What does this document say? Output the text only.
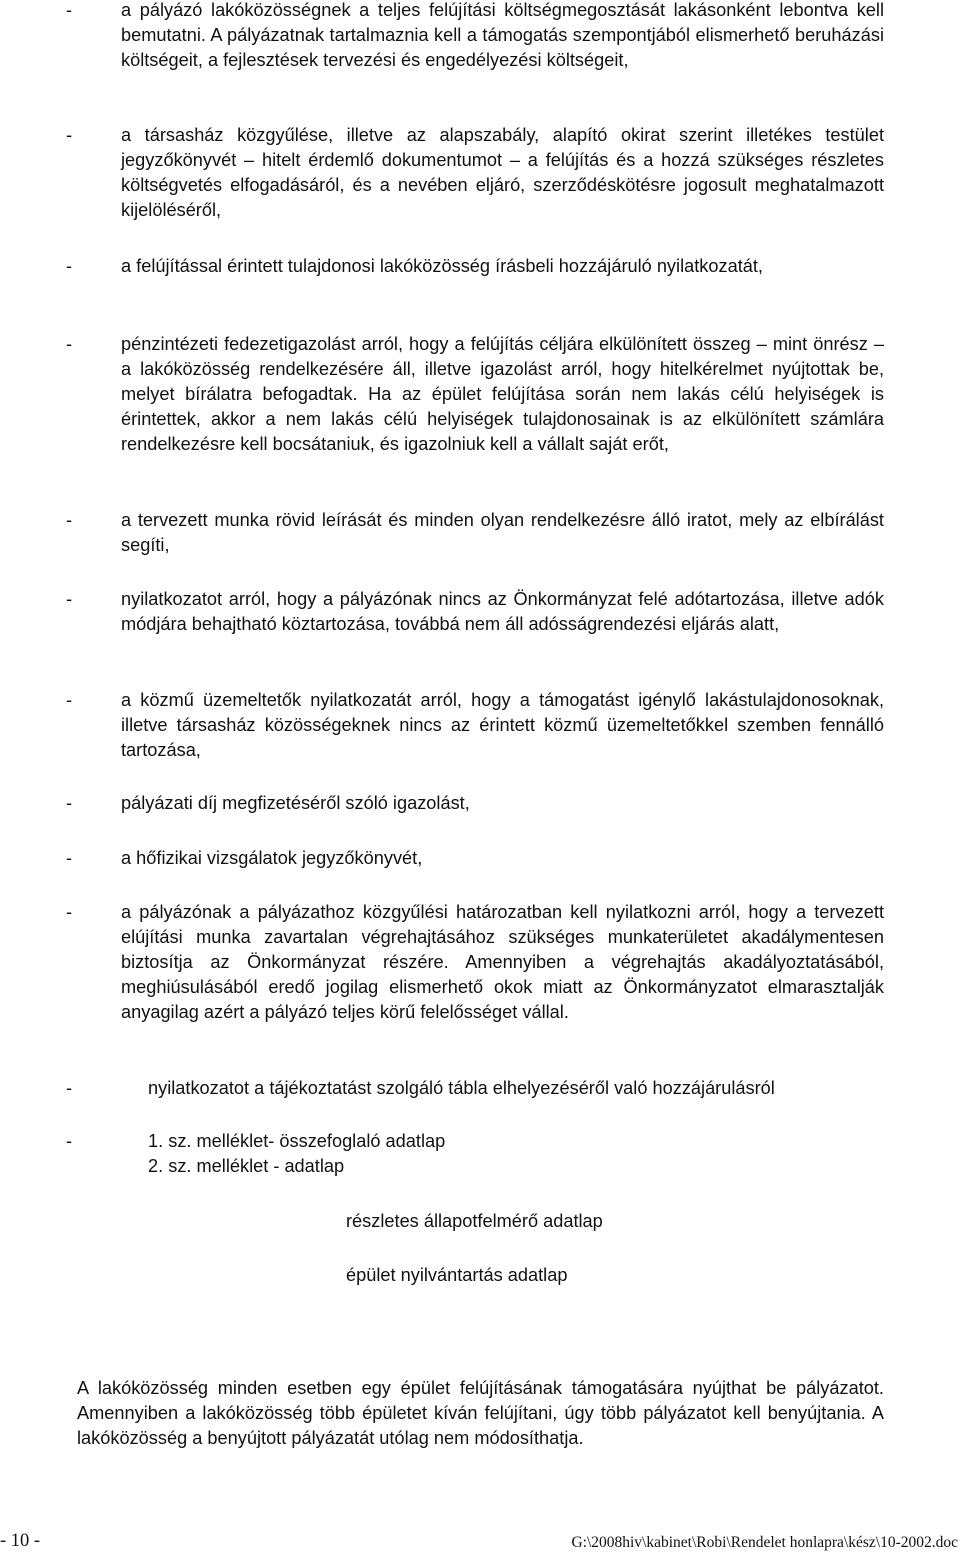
-	a pályázó lakóközösségnek a teljes felújítási költségmegosztását lakásonként lebontva kell bemutatni. A pályázatnak tartalmaznia kell a támogatás szempontjából elismerhető beruházási költségeit, a fejlesztések tervezési és engedélyezési költségeit,
-	a társasház közgyűlése, illetve az alapszabály, alapító okirat szerint illetékes testület jegyzőkönyvét – hitelt érdemlő dokumentumot – a felújítás és a hozzá szükséges részletes költségvetés elfogadásáról, és a nevében eljáró, szerződéskötésre jogosult meghatalmazott kijelöléséről,
-	a felújítással érintett tulajdonosi lakóközösség írásbeli hozzájáruló nyilatkozatát,
-	pénzintézeti fedezetigazolást arról, hogy a felújítás céljára elkülönített összeg – mint önrész – a lakóközösség rendelkezésére áll, illetve igazolást arról, hogy hitelkérelmet nyújtottak be, melyet bírálatra befogadtak. Ha az épület felújítása során nem lakás célú helyiségek is érintettek, akkor a nem lakás célú helyiségek tulajdonosainak is az elkülönített számlára rendelkezésre kell bocsátaniuk, és igazolniuk kell a vállalt saját erőt,
-	a tervezett munka rövid leírását és minden olyan rendelkezésre álló iratot, mely az elbírálást segíti,
-	nyilatkozatot arról, hogy a pályázónak nincs az Önkormányzat felé adótartozása, illetve adók módjára behajtható köztartozása, továbbá nem áll adósságrendezési eljárás alatt,
-	a közmű üzemeltetők nyilatkozatát arról, hogy a támogatást igénylő lakástulajdonosoknak, illetve társasház közösségeknek nincs az érintett közmű üzemeltetőkkel szemben fennálló tartozása,
-	pályázati díj megfizetéséről szóló igazolást,
-	a hőfizikai vizsgálatok jegyzőkönyvét,
-	a pályázónak a pályázathoz közgyűlési határozatban kell nyilatkozni arról, hogy a tervezett elújítási munka zavartalan végrehajtásához szükséges munkaterületet akadálymentesen biztosítja az Önkormányzat részére. Amennyiben a végrehajtás akadályoztatásából, meghiúsulásából eredő jogilag elismerhető okok miatt az Önkormányzatot elmarasztalják anyagilag azért a pályázó teljes körű felelősséget vállal.
-	nyilatkozatot a tájékoztatást szolgáló tábla elhelyezéséről való hozzájárulásról
-	1. sz. melléklet- összefoglaló adatlap
2. sz. melléklet - adatlap
részletes állapotfelmérő adatlap
épület nyilvántartás adatlap
A lakóközösség minden esetben egy épület felújításának támogatására nyújthat be pályázatot. Amennyiben a lakóközösség több épületet kíván felújítani, úgy több pályázatot kell benyújtania. A lakóközösség a benyújtott pályázatát utólag nem módosíthatja.
- 10 -	G:\2008hiv\kabinet\Robi\Rendelet honlapra\kész\10-2002.doc
